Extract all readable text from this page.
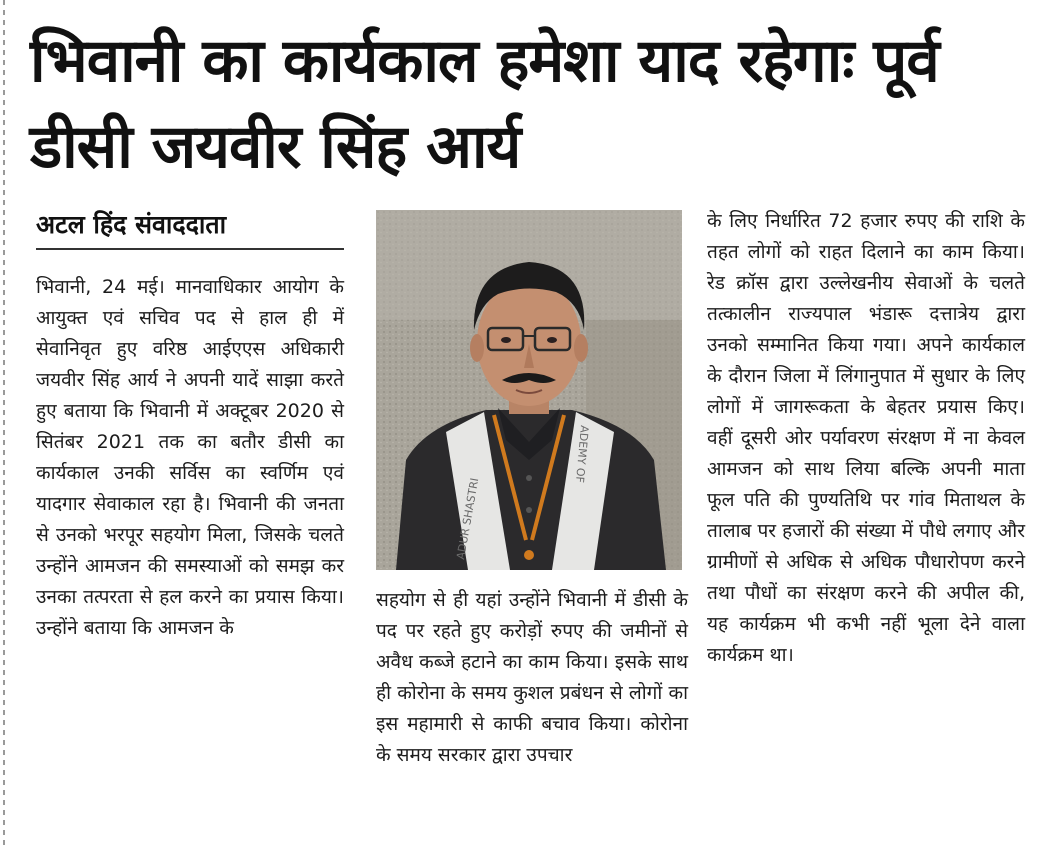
भिवानी का कार्यकाल हमेशा याद रहेगाः पूर्व डीसी जयवीर सिंह आर्य
अटल हिंद संवाददाता

भिवानी, 24 मई। मानवाधिकार आयोग के आयुक्त एवं सचिव पद से हाल ही में सेवानिवृत हुए वरिष्ठ आईएएस अधिकारी जयवीर सिंह आर्य ने अपनी यादें साझा करते हुए बताया कि भिवानी में अक्टूबर 2020 से सितंबर 2021 तक का बतौर डीसी का कार्यकाल उनकी सर्विस का स्वर्णिम एवं यादगार सेवाकाल रहा है। भिवानी की जनता से उनको भरपूर सहयोग मिला, जिसके चलते उन्होंने आमजन की समस्याओं को समझ कर उनका तत्परता से हल करने का प्रयास किया। उन्होंने बताया कि आमजन के

ADUR SHASTRI
ADEMY OF

सहयोग से ही यहां उन्होंने भिवानी में डीसी के पद पर रहते हुए करोड़ों रुपए की जमीनों से अवैध कब्जे हटाने का काम किया। इसके साथ ही कोरोना के समय कुशल प्रबंधन से लोगों का इस महामारी से काफी बचाव किया। कोरोना के समय सरकार द्वारा उपचार

के लिए निर्धारित 72 हजार रुपए की राशि के तहत लोगों को राहत दिलाने का काम किया। रेड क्रॉस द्वारा उल्लेखनीय सेवाओं के चलते तत्कालीन राज्यपाल भंडारू दत्तात्रेय द्वारा उनको सम्मानित किया गया। अपने कार्यकाल के दौरान जिला में लिंगानुपात में सुधार के लिए लोगों में जागरूकता के बेहतर प्रयास किए। वहीं दूसरी ओर पर्यावरण संरक्षण में ना केवल आमजन को साथ लिया बल्कि अपनी माता फूल पति की पुण्यतिथि पर गांव मिताथल के तालाब पर हजारों की संख्या में पौधे लगाए और ग्रामीणों से अधिक से अधिक पौधारोपण करने तथा पौधों का संरक्षण करने की अपील की, यह कार्यक्रम भी कभी नहीं भूला देने वाला कार्यक्रम था।
